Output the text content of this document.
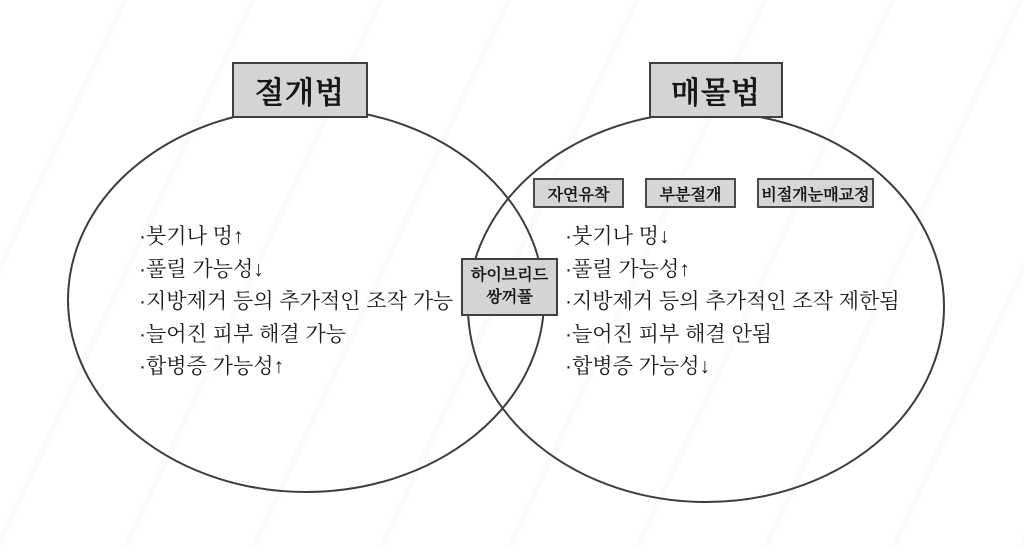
절개법	매몰법
자연유착	부분절개	비절개눈매교정
하이브리드
쌍꺼풀
·붓기나 멍↑
·풀릴 가능성↓
·지방제거 등의 추가적인 조작 가능
·늘어진 피부 해결 가능
·합병증 가능성↑
·붓기나 멍↓
·풀릴 가능성↑
·지방제거 등의 추가적인 조작 제한됨
·늘어진 피부 해결 안됨
·합병증 가능성↓
